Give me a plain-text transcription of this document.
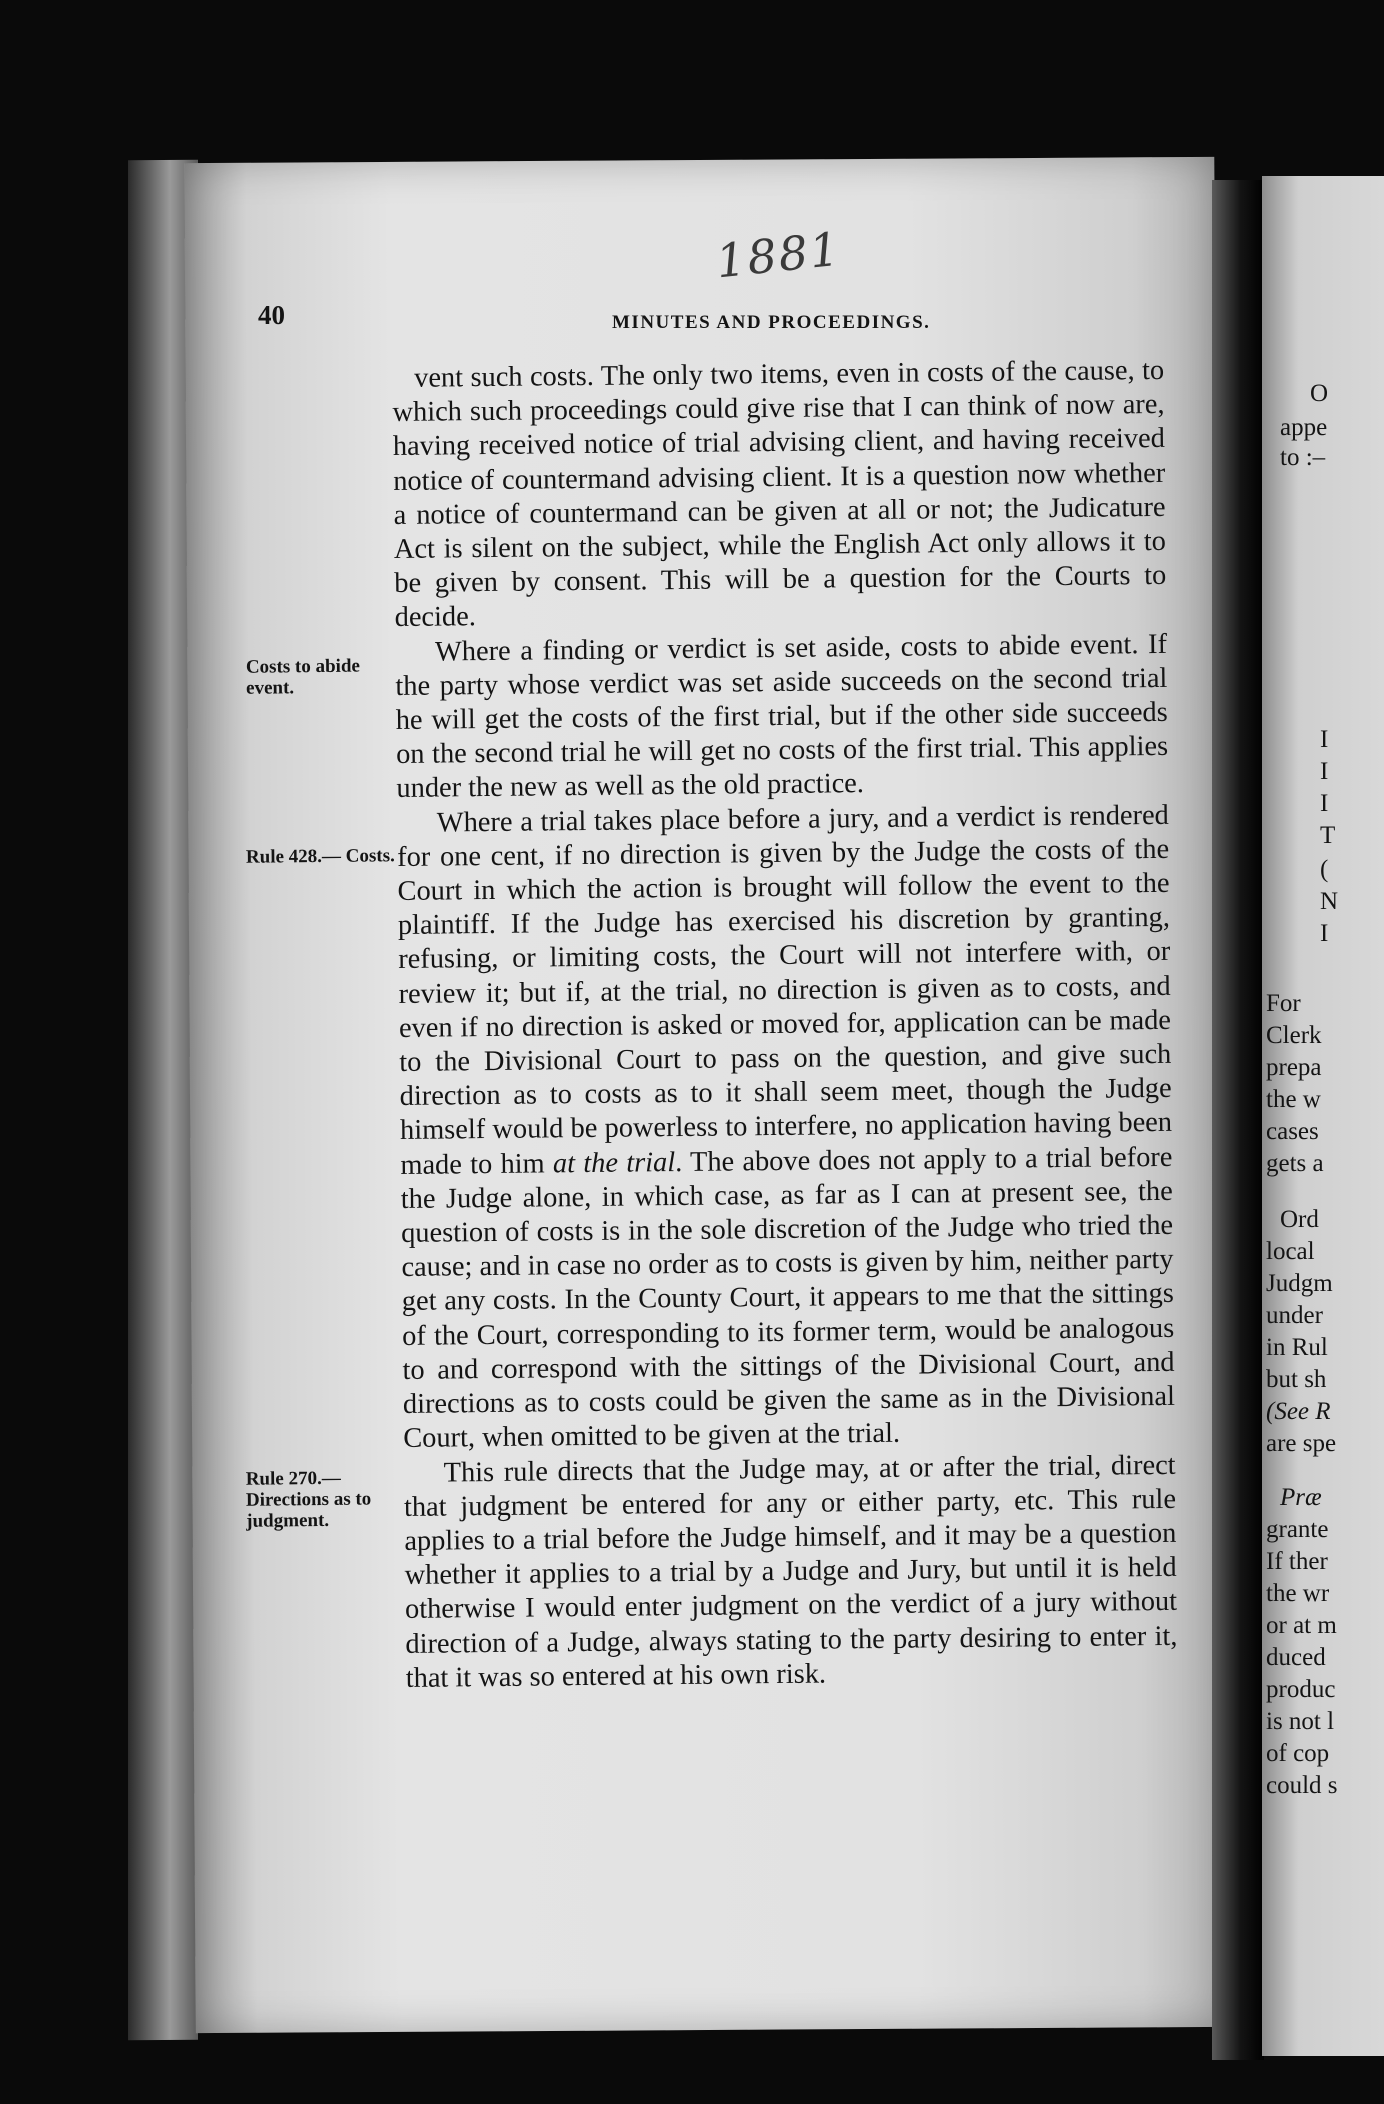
O

appe

to :–

I

I

I

T

(

N

I

For

Clerk

prepa

the w

cases

gets a

Ord

local

Judgm

under

in Rul

but sh

(See R

are spe

Præ

grante

If ther

the wr

or at m

duced

produc

is not l

of cop

could s

1881

40	MINUTES AND PROCEEDINGS.

Costs to abide event.

Rule 428.— Costs.

Rule 270.— Directions as to judgment.

vent such costs. The only two items, even in costs of the cause, to which such proceedings could give rise that I can think of now are, having received notice of trial advising client, and having received notice of countermand advising client. It is a question now whether a notice of countermand can be given at all or not; the Judicature Act is silent on the subject, while the English Act only allows it to be given by consent. This will be a question for the Courts to decide.

Where a finding or verdict is set aside, costs to abide event. If the party whose verdict was set aside succeeds on the second trial he will get the costs of the first trial, but if the other side succeeds on the second trial he will get no costs of the first trial. This applies under the new as well as the old practice.

Where a trial takes place before a jury, and a verdict is rendered for one cent, if no direction is given by the Judge the costs of the Court in which the action is brought will follow the event to the plaintiff. If the Judge has exercised his discretion by granting, refusing, or limiting costs, the Court will not interfere with, or review it; but if, at the trial, no direction is given as to costs, and even if no direction is asked or moved for, application can be made to the Divisional Court to pass on the question, and give such direction as to costs as to it shall seem meet, though the Judge himself would be powerless to interfere, no application having been made to him at the trial. The above does not apply to a trial before the Judge alone, in which case, as far as I can at present see, the question of costs is in the sole discretion of the Judge who tried the cause; and in case no order as to costs is given by him, neither party get any costs. In the County Court, it appears to me that the sittings of the Court, corresponding to its former term, would be analogous to and correspond with the sittings of the Divisional Court, and directions as to costs could be given the same as in the Divisional Court, when omitted to be given at the trial.

This rule directs that the Judge may, at or after the trial, direct that judgment be entered for any or either party, etc. This rule applies to a trial before the Judge himself, and it may be a question whether it applies to a trial by a Judge and Jury, but until it is held otherwise I would enter judgment on the verdict of a jury without direction of a Judge, always stating to the party desiring to enter it, that it was so entered at his own risk.
